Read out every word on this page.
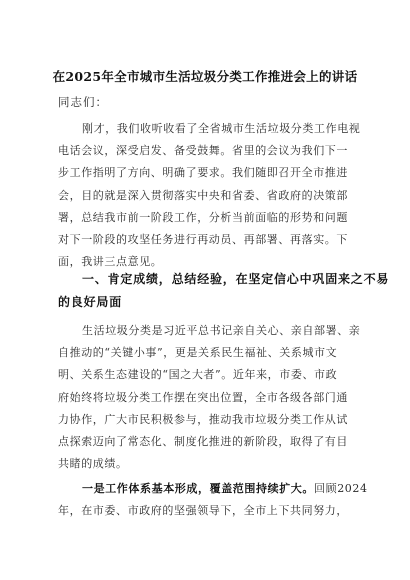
在2025年全市城市生活垃圾分类工作推进会上的讲话
同志们：
刚才，我们收听收看了全省城市生活垃圾分类工作电视
电话会议，深受启发、备受鼓舞。省里的会议为我们下一
步工作指明了方向、明确了要求。我们随即召开全市推进
会，目的就是深入贯彻落实中央和省委、省政府的决策部
署，总结我市前一阶段工作，分析当前面临的形势和问题
对下一阶段的攻坚任务进行再动员、再部署、再落实。下
面，我讲三点意见。
一、肯定成绩，总结经验，在坚定信心中巩固来之不易
的良好局面
生活垃圾分类是习近平总书记亲自关心、亲自部署、亲
自推动的“关键小事”，更是关系民生福祉、关系城市文
明、关系生态建设的“国之大者”。近年来，市委、市政
府始终将垃圾分类工作摆在突出位置，全市各级各部门通
力协作，广大市民积极参与，推动我市垃圾分类工作从试
点探索迈向了常态化、制度化推进的新阶段，取得了有目
共睹的成绩。
一是工作体系基本形成，覆盖范围持续扩大。回顾2024
年，在市委、市政府的坚强领导下，全市上下共同努力，
